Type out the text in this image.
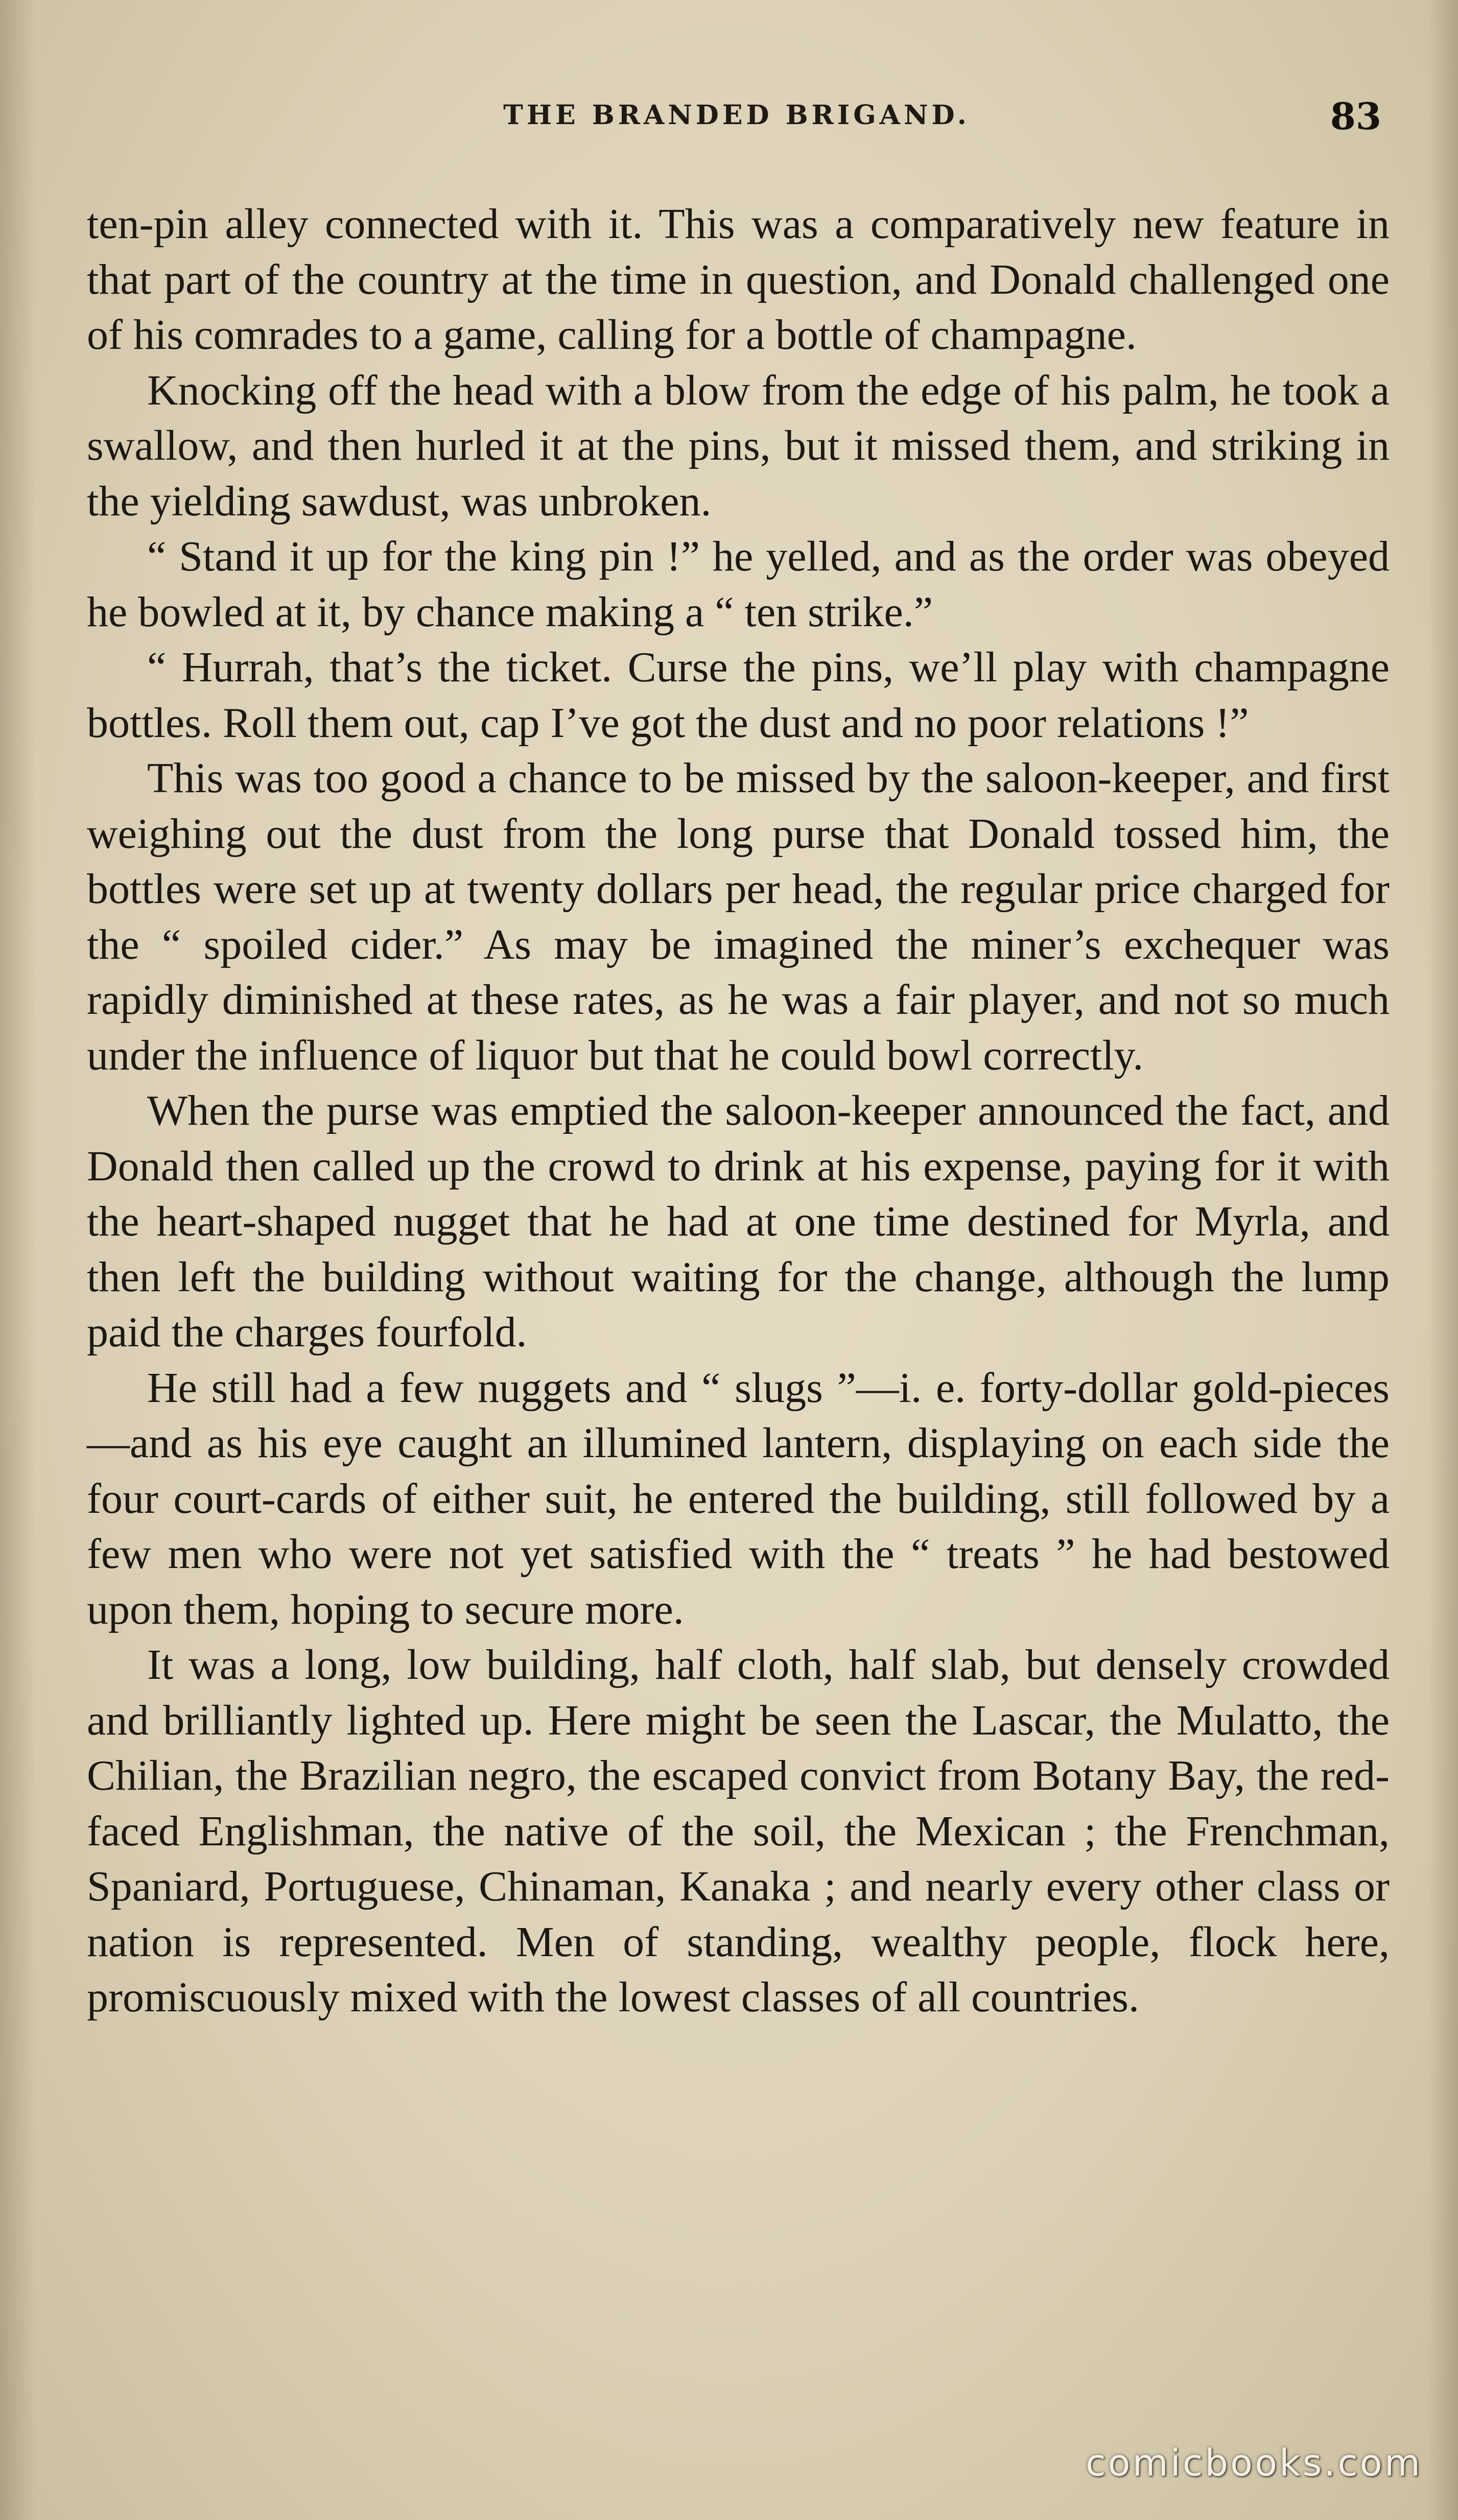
THE BRANDED BRIGAND.	83

ten-pin alley connected with it. This was a comparatively new feature in that part of the country at the time in question, and Donald challenged one of his comrades to a game, calling for a bottle of champagne.

Knocking off the head with a blow from the edge of his palm, he took a swallow, and then hurled it at the pins, but it missed them, and striking in the yielding sawdust, was unbroken.

“ Stand it up for the king pin !” he yelled, and as the order was obeyed he bowled at it, by chance making a “ ten strike.”

“ Hurrah, that’s the ticket. Curse the pins, we’ll play with champagne bottles. Roll them out, cap I’ve got the dust and no poor relations !”

This was too good a chance to be missed by the saloon-keeper, and first weighing out the dust from the long purse that Donald tossed him, the bottles were set up at twenty dollars per head, the regular price charged for the “ spoiled cider.” As may be imagined the miner’s exchequer was rapidly diminished at these rates, as he was a fair player, and not so much under the influence of liquor but that he could bowl correctly.

When the purse was emptied the saloon-keeper announced the fact, and Donald then called up the crowd to drink at his expense, paying for it with the heart-shaped nugget that he had at one time destined for Myrla, and then left the building without waiting for the change, although the lump paid the charges fourfold.

He still had a few nuggets and “ slugs ”—i. e. forty-dollar gold-pieces—and as his eye caught an illumined lantern, displaying on each side the four court-cards of either suit, he entered the building, still followed by a few men who were not yet satisfied with the “ treats ” he had bestowed upon them, hoping to secure more.

It was a long, low building, half cloth, half slab, but densely crowded and brilliantly lighted up. Here might be seen the Lascar, the Mulatto, the Chilian, the Brazilian negro, the escaped convict from Botany Bay, the red-faced Englishman, the native of the soil, the Mexican ; the Frenchman, Spaniard, Portuguese, Chinaman, Kanaka ; and nearly every other class or nation is represented. Men of standing, wealthy people, flock here, promiscuously mixed with the lowest classes of all countries.

comicbooks.com
